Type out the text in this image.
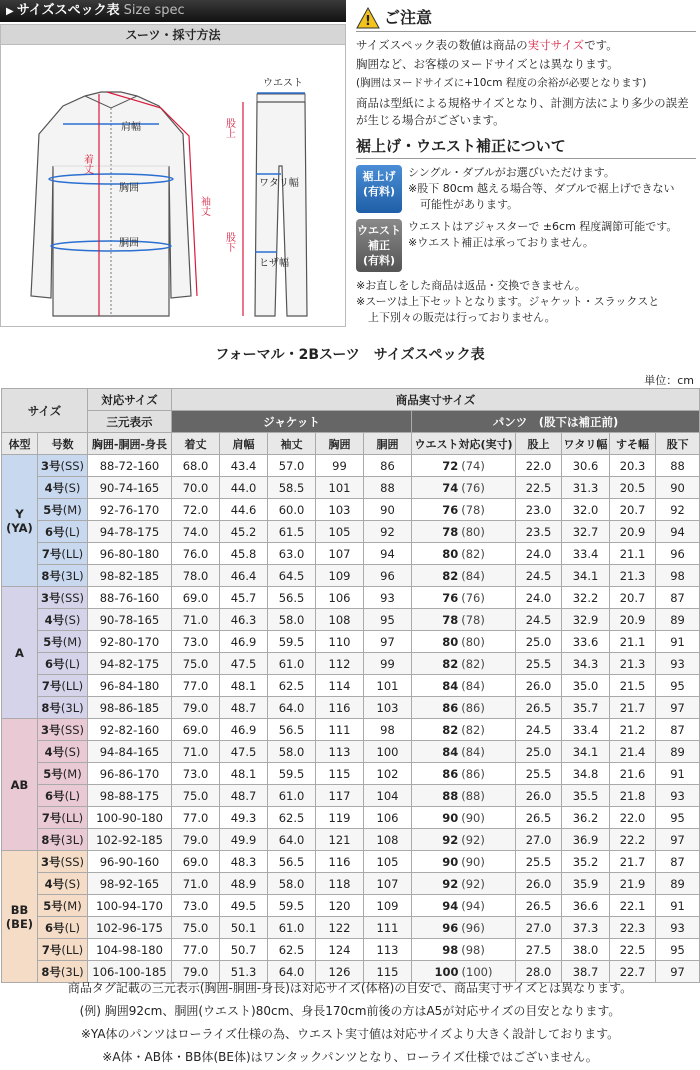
▶ サイズスペック表 Size spec
スーツ・採寸方法
肩幅
着丈
胸囲
胴囲
袖丈
ウエスト
股上
ワタリ幅
股下
ヒザ幅
! ご注意
サイズスペック表の数値は商品の実寸サイズです。
胸囲など、お客様のヌードサイズとは異なります。
(胸囲はヌードサイズに+10cm 程度の余裕が必要となります)
商品は型紙による規格サイズとなり、計測方法により多少の誤差が生じる場合がございます。
裾上げ・ウエスト補正について
裾上げ
(有料)
シングル・ダブルがお選びいただけます。
※股下 80cm 越える場合等、ダブルで裾上げできない
可能性があります。
ウエスト
補正
(有料)
ウエストはアジャスターで ±6cm 程度調節可能です。
※ウエスト補正は承っておりません。
※お直しをした商品は返品・交換できません。
※スーツは上下セットとなります。ジャケット・スラックスと
上下別々の販売は行っておりません。
フォーマル・2Bスーツ　サイズスペック表
単位：cm
サイズ		対応サイズ	商品実寸サイズ									
		三元表示	ジャケット					パンツ　(股下は補正前)				
体型	号数	胸囲-胴囲-身長	着丈	肩幅	袖丈	胸囲	胴囲	ウエスト対応(実寸)	股上	ワタリ幅	すそ幅	股下

Y
(YA)	3号(SS)	88-72-160	68.0	43.4	57.0	99	86	72 (74)	22.0	30.6	20.3	88
	4号(S)	90-74-165	70.0	44.0	58.5	101	88	74 (76)	22.5	31.3	20.5	90
	5号(M)	92-76-170	72.0	44.6	60.0	103	90	76 (78)	23.0	32.0	20.7	92
	6号(L)	94-78-175	74.0	45.2	61.5	105	92	78 (80)	23.5	32.7	20.9	94
	7号(LL)	96-80-180	76.0	45.8	63.0	107	94	80 (82)	24.0	33.4	21.1	96
	8号(3L)	98-82-185	78.0	46.4	64.5	109	96	82 (84)	24.5	34.1	21.3	98

A	3号(SS)	88-76-160	69.0	45.7	56.5	106	93	76 (76)	24.0	32.2	20.7	87
	4号(S)	90-78-165	71.0	46.3	58.0	108	95	78 (78)	24.5	32.9	20.9	89
	5号(M)	92-80-170	73.0	46.9	59.5	110	97	80 (80)	25.0	33.6	21.1	91
	6号(L)	94-82-175	75.0	47.5	61.0	112	99	82 (82)	25.5	34.3	21.3	93
	7号(LL)	96-84-180	77.0	48.1	62.5	114	101	84 (84)	26.0	35.0	21.5	95
	8号(3L)	98-86-185	79.0	48.7	64.0	116	103	86 (86)	26.5	35.7	21.7	97

AB	3号(SS)	92-82-160	69.0	46.9	56.5	111	98	82 (82)	24.5	33.4	21.2	87
	4号(S)	94-84-165	71.0	47.5	58.0	113	100	84 (84)	25.0	34.1	21.4	89
	5号(M)	96-86-170	73.0	48.1	59.5	115	102	86 (86)	25.5	34.8	21.6	91
	6号(L)	98-88-175	75.0	48.7	61.0	117	104	88 (88)	26.0	35.5	21.8	93
	7号(LL)	100-90-180	77.0	49.3	62.5	119	106	90 (90)	26.5	36.2	22.0	95
	8号(3L)	102-92-185	79.0	49.9	64.0	121	108	92 (92)	27.0	36.9	22.2	97

BB
(BE)	3号(SS)	96-90-160	69.0	48.3	56.5	116	105	90 (90)	25.5	35.2	21.7	87
	4号(S)	98-92-165	71.0	48.9	58.0	118	107	92 (92)	26.0	35.9	21.9	89
	5号(M)	100-94-170	73.0	49.5	59.5	120	109	94 (94)	26.5	36.6	22.1	91
	6号(L)	102-96-175	75.0	50.1	61.0	122	111	96 (96)	27.0	37.3	22.3	93
	7号(LL)	104-98-180	77.0	50.7	62.5	124	113	98 (98)	27.5	38.0	22.5	95
	8号(3L)	106-100-185	79.0	51.3	64.0	126	115	100 (100)	28.0	38.7	22.7	97
商品タグ記載の三元表示(胸囲-胴囲-身長)は対応サイズ(体格)の目安で、商品実寸サイズとは異なります。
(例) 胸囲92cm、胴囲(ウエスト)80cm、身長170cm前後の方はA5が対応サイズの目安となります。
※YA体のパンツはローライズ仕様の為、ウエスト実寸値は対応サイズより大きく設計しております。
※A体・AB体・BB体(BE体)はワンタックパンツとなり、ローライズ仕様ではございません。
